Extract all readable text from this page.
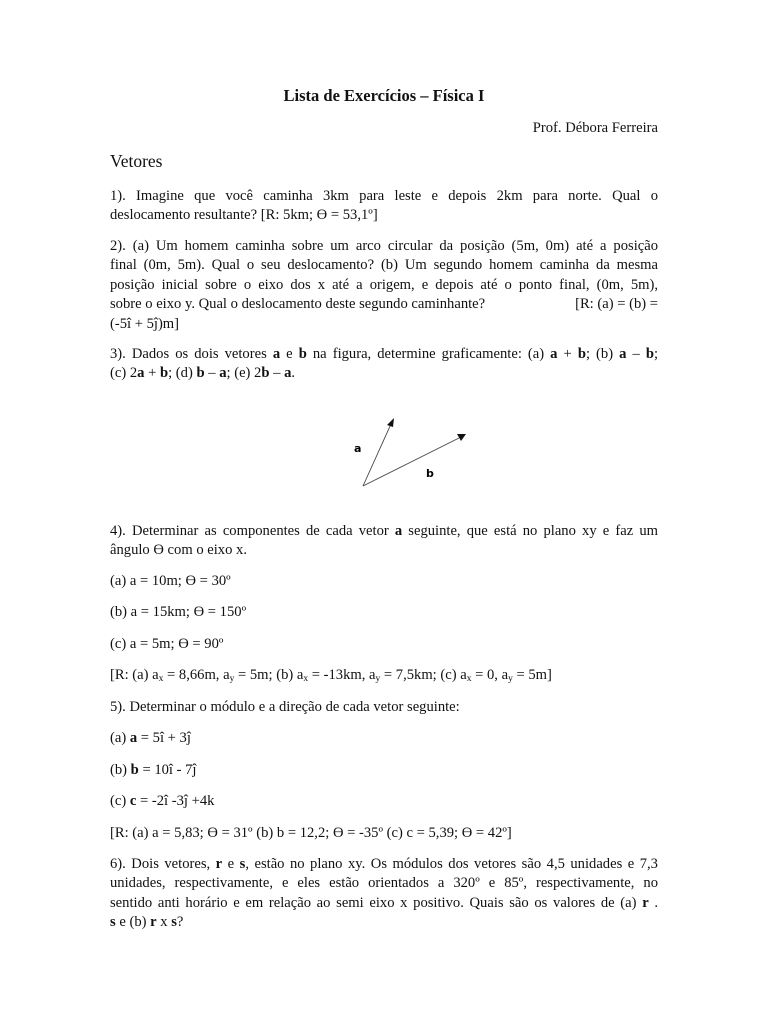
Lista de Exercícios – Física I
Prof. Débora Ferreira
Vetores
1). Imagine que você caminha 3km para leste e depois 2km para norte. Qual o
deslocamento resultante? [R: 5km; Ɵ = 53,1º]
2). (a) Um homem caminha sobre um arco circular da posição (5m, 0m) até a posição
final (0m, 5m). Qual o seu deslocamento? (b) Um segundo homem caminha da mesma
posição inicial sobre o eixo dos x até a origem, e depois até o ponto final, (0m, 5m),
sobre o eixo y. Qual o deslocamento deste segundo caminhante?	[R: (a) = (b) =
(-5î + 5ĵ)m]
3). Dados os dois vetores a e b na figura, determine graficamente: (a) a + b; (b) a – b;
(c) 2a + b; (d) b – a; (e) 2b – a.
a
b
4). Determinar as componentes de cada vetor a seguinte, que está no plano xy e faz um
ângulo Ɵ com o eixo x.
(a) a = 10m; Ɵ = 30º
(b) a = 15km; Ɵ = 150º
(c) a = 5m; Ɵ = 90º
[R: (a) $a_x = 8,66m$, $a_y = 5m$; (b) $a_x = -13km$, $a_y = 7,5km$; (c) $a_x = 0$, $a_y = 5m$]
5). Determinar o módulo e a direção de cada vetor seguinte:
(a) a = 5î + 3ĵ
(b) b = 10î - 7ĵ
(c) c = -2î -3ĵ +4k
[R: (a) a = 5,83; Ɵ = 31º (b) b = 12,2; Ɵ = -35º (c) c = 5,39; Ɵ = 42º]
6). Dois vetores, r e s, estão no plano xy. Os módulos dos vetores são 4,5 unidades e 7,3
unidades, respectivamente, e eles estão orientados a 320º e 85º, respectivamente, no
sentido anti horário e em relação ao semi eixo x positivo. Quais são os valores de (a) r .
s e (b) r x s?
